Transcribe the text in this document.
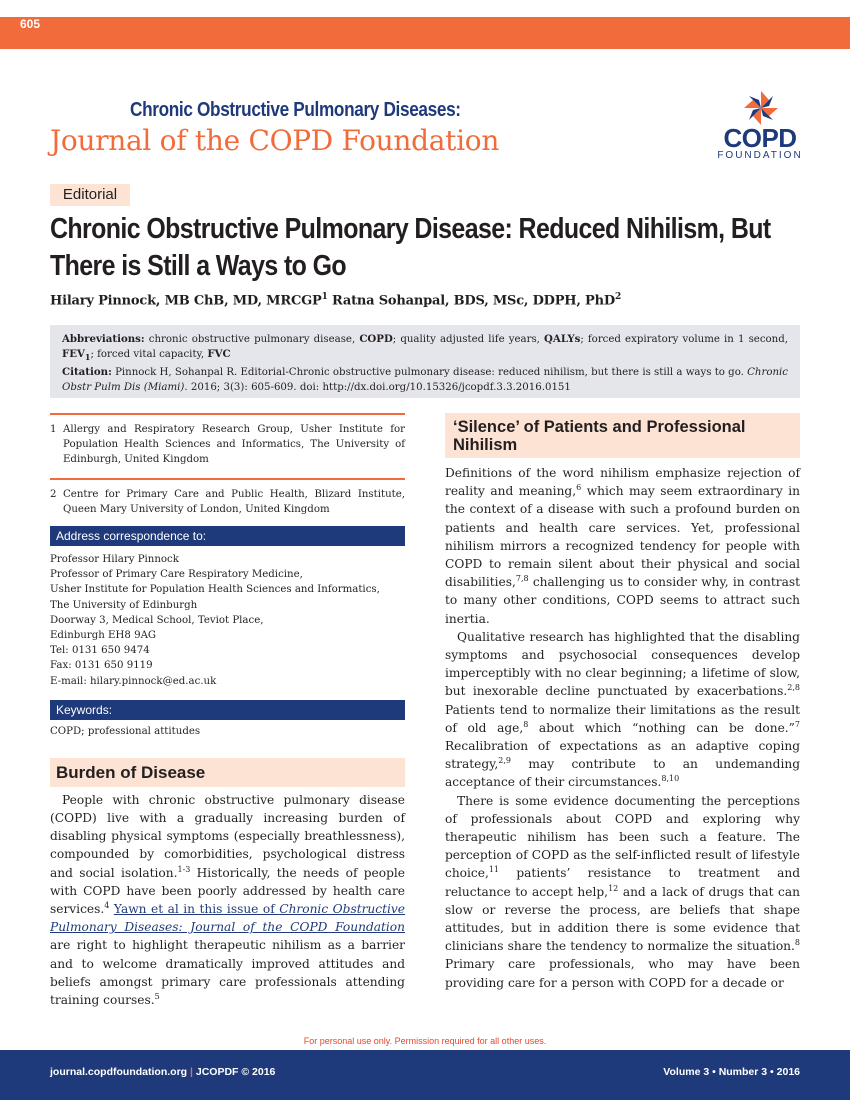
605
Chronic Obstructive Pulmonary Diseases:
Journal of the COPD Foundation	COPD
FOUNDATION
Editorial
Chronic Obstructive Pulmonary Disease: Reduced Nihilism, But
There is Still a Ways to Go
Hilary Pinnock, MB ChB, MD, MRCGP$^1$ Ratna Sohanpal, BDS, MSc, DDPH, PhD$^2$

Abbreviations: chronic obstructive pulmonary disease, COPD; quality adjusted life years, QALYs; forced expiratory volume in 1 second, $FEV_1$; forced vital capacity, FVC

Citation: Pinnock H, Sohanpal R. Editorial-Chronic obstructive pulmonary disease: reduced nihilism, but there is still a ways to go. Chronic Obstr Pulm Dis (Miami). 2016; 3(3): 605-609. doi: http://dx.doi.org/10.15326/jcopdf.3.3.2016.0151

1 Allergy and Respiratory Research Group, Usher Institute for Population Health Sciences and Informatics, The University of Edinburgh, United Kingdom
2 Centre for Primary Care and Public Health, Blizard Institute, Queen Mary University of London, United Kingdom
Address correspondence to:
Professor Hilary Pinnock
Professor of Primary Care Respiratory Medicine,
Usher Institute for Population Health Sciences and Informatics,
The University of Edinburgh
Doorway 3, Medical School, Teviot Place,
Edinburgh EH8 9AG
Tel: 0131 650 9474
Fax: 0131 650 9119
E-mail: hilary.pinnock@ed.ac.uk
Keywords:
COPD; professional attitudes
Burden of Disease

People with chronic obstructive pulmonary disease (COPD) live with a gradually increasing burden of disabling physical symptoms (especially breathlessness), compounded by comorbidities, psychological distress and social isolation.$^{1-3}$ Historically, the needs of people with COPD have been poorly addressed by health care services.$^4$ Yawn et al in this issue of Chronic Obstructive Pulmonary Diseases: Journal of the COPD Foundation are right to highlight therapeutic nihilism as a barrier and to welcome dramatically improved attitudes and beliefs amongst primary care professionals attending training courses.$^5$

‘Silence’ of Patients and Professional Nihilism

Definitions of the word nihilism emphasize rejection of reality and meaning,$^6$ which may seem extraordinary in the context of a disease with such a profound burden on patients and health care services. Yet, professional nihilism mirrors a recognized tendency for people with COPD to remain silent about their physical and social disabilities,$^{7,8}$ challenging us to consider why, in contrast to many other conditions, COPD seems to attract such inertia.

Qualitative research has highlighted that the disabling symptoms and psychosocial consequences develop imperceptibly with no clear beginning; a lifetime of slow, but inexorable decline punctuated by exacerbations.$^{2,8}$ Patients tend to normalize their limitations as the result of old age,$^8$ about which “nothing can be done.”$^7$ Recalibration of expectations as an adaptive coping strategy,$^{2,9}$ may contribute to an undemanding acceptance of their circumstances.$^{8,10}$

There is some evidence documenting the perceptions of professionals about COPD and exploring why therapeutic nihilism has been such a feature. The perception of COPD as the self-inflicted result of lifestyle choice,$^{11}$ patients’ resistance to treatment and reluctance to accept help,$^{12}$ and a lack of drugs that can slow or reverse the process, are beliefs that shape attitudes, but in addition there is some evidence that clinicians share the tendency to normalize the situation.$^8$ Primary care professionals, who may have been providing care for a person with COPD for a decade or

For personal use only. Permission required for all other uses.
journal.copdfoundation.org | JCOPDF © 2016	Volume 3 • Number 3 • 2016
